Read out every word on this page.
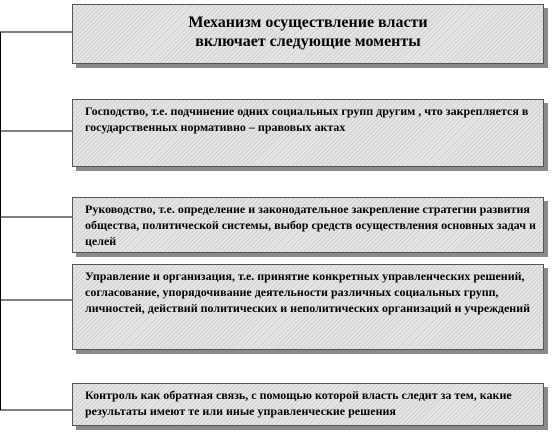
Механизм осуществление власти
включает следующие моменты
Господство, т.е. подчинение одних социальных групп другим , что закрепляется в государственных нормативно – правовых актах
Руководство, т.е. определение и законодательное закрепление стратегии развития общества, политической системы, выбор средств осуществления основных задач и целей
Управление и организация, т.е. принятие конкретных управленческих решений, согласование, упорядочивание деятельности различных социальных групп, личностей, действий политических и неполитических организаций и учреждений
Контроль как обратная связь, с помощью которой власть следит за тем, какие результаты имеют те или иные управленческие решения
